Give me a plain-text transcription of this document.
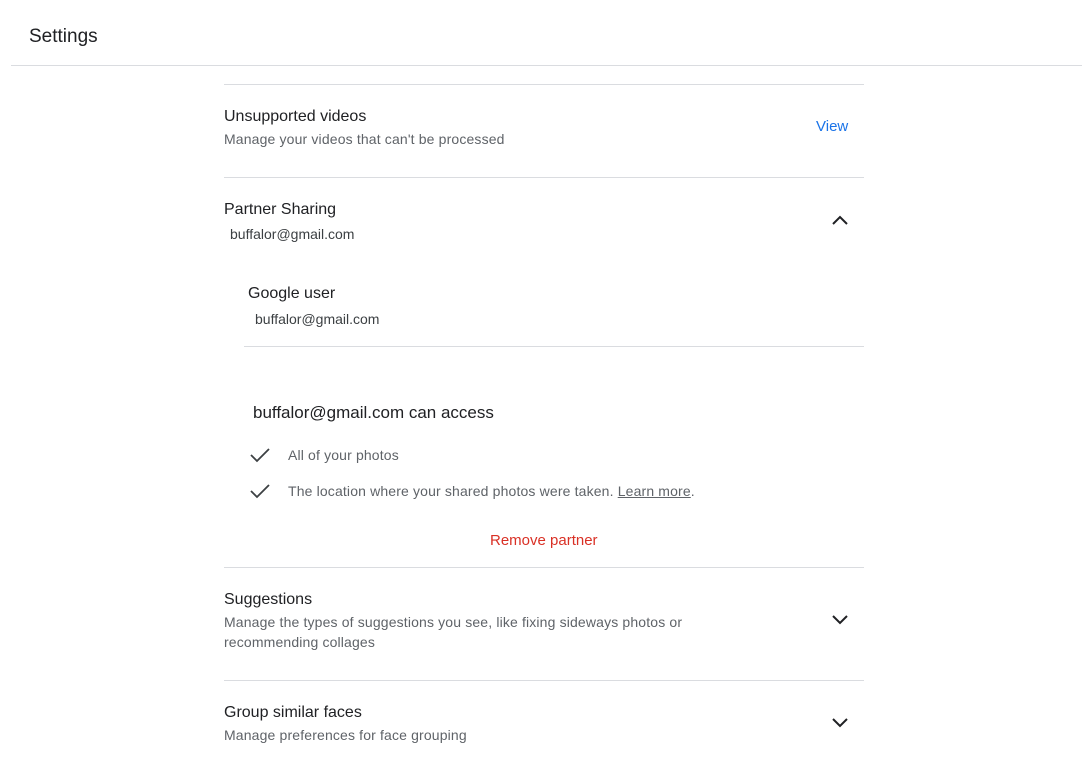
Settings
Unsupported videos
Manage your videos that can't be processed
View
Partner Sharing
buffalor@gmail.com
Google user
buffalor@gmail.com
buffalor@gmail.com can access
All of your photos
The location where your shared photos were taken. Learn more.
Remove partner
Suggestions
Manage the types of suggestions you see, like fixing sideways photos or
recommending collages
Group similar faces
Manage preferences for face grouping
